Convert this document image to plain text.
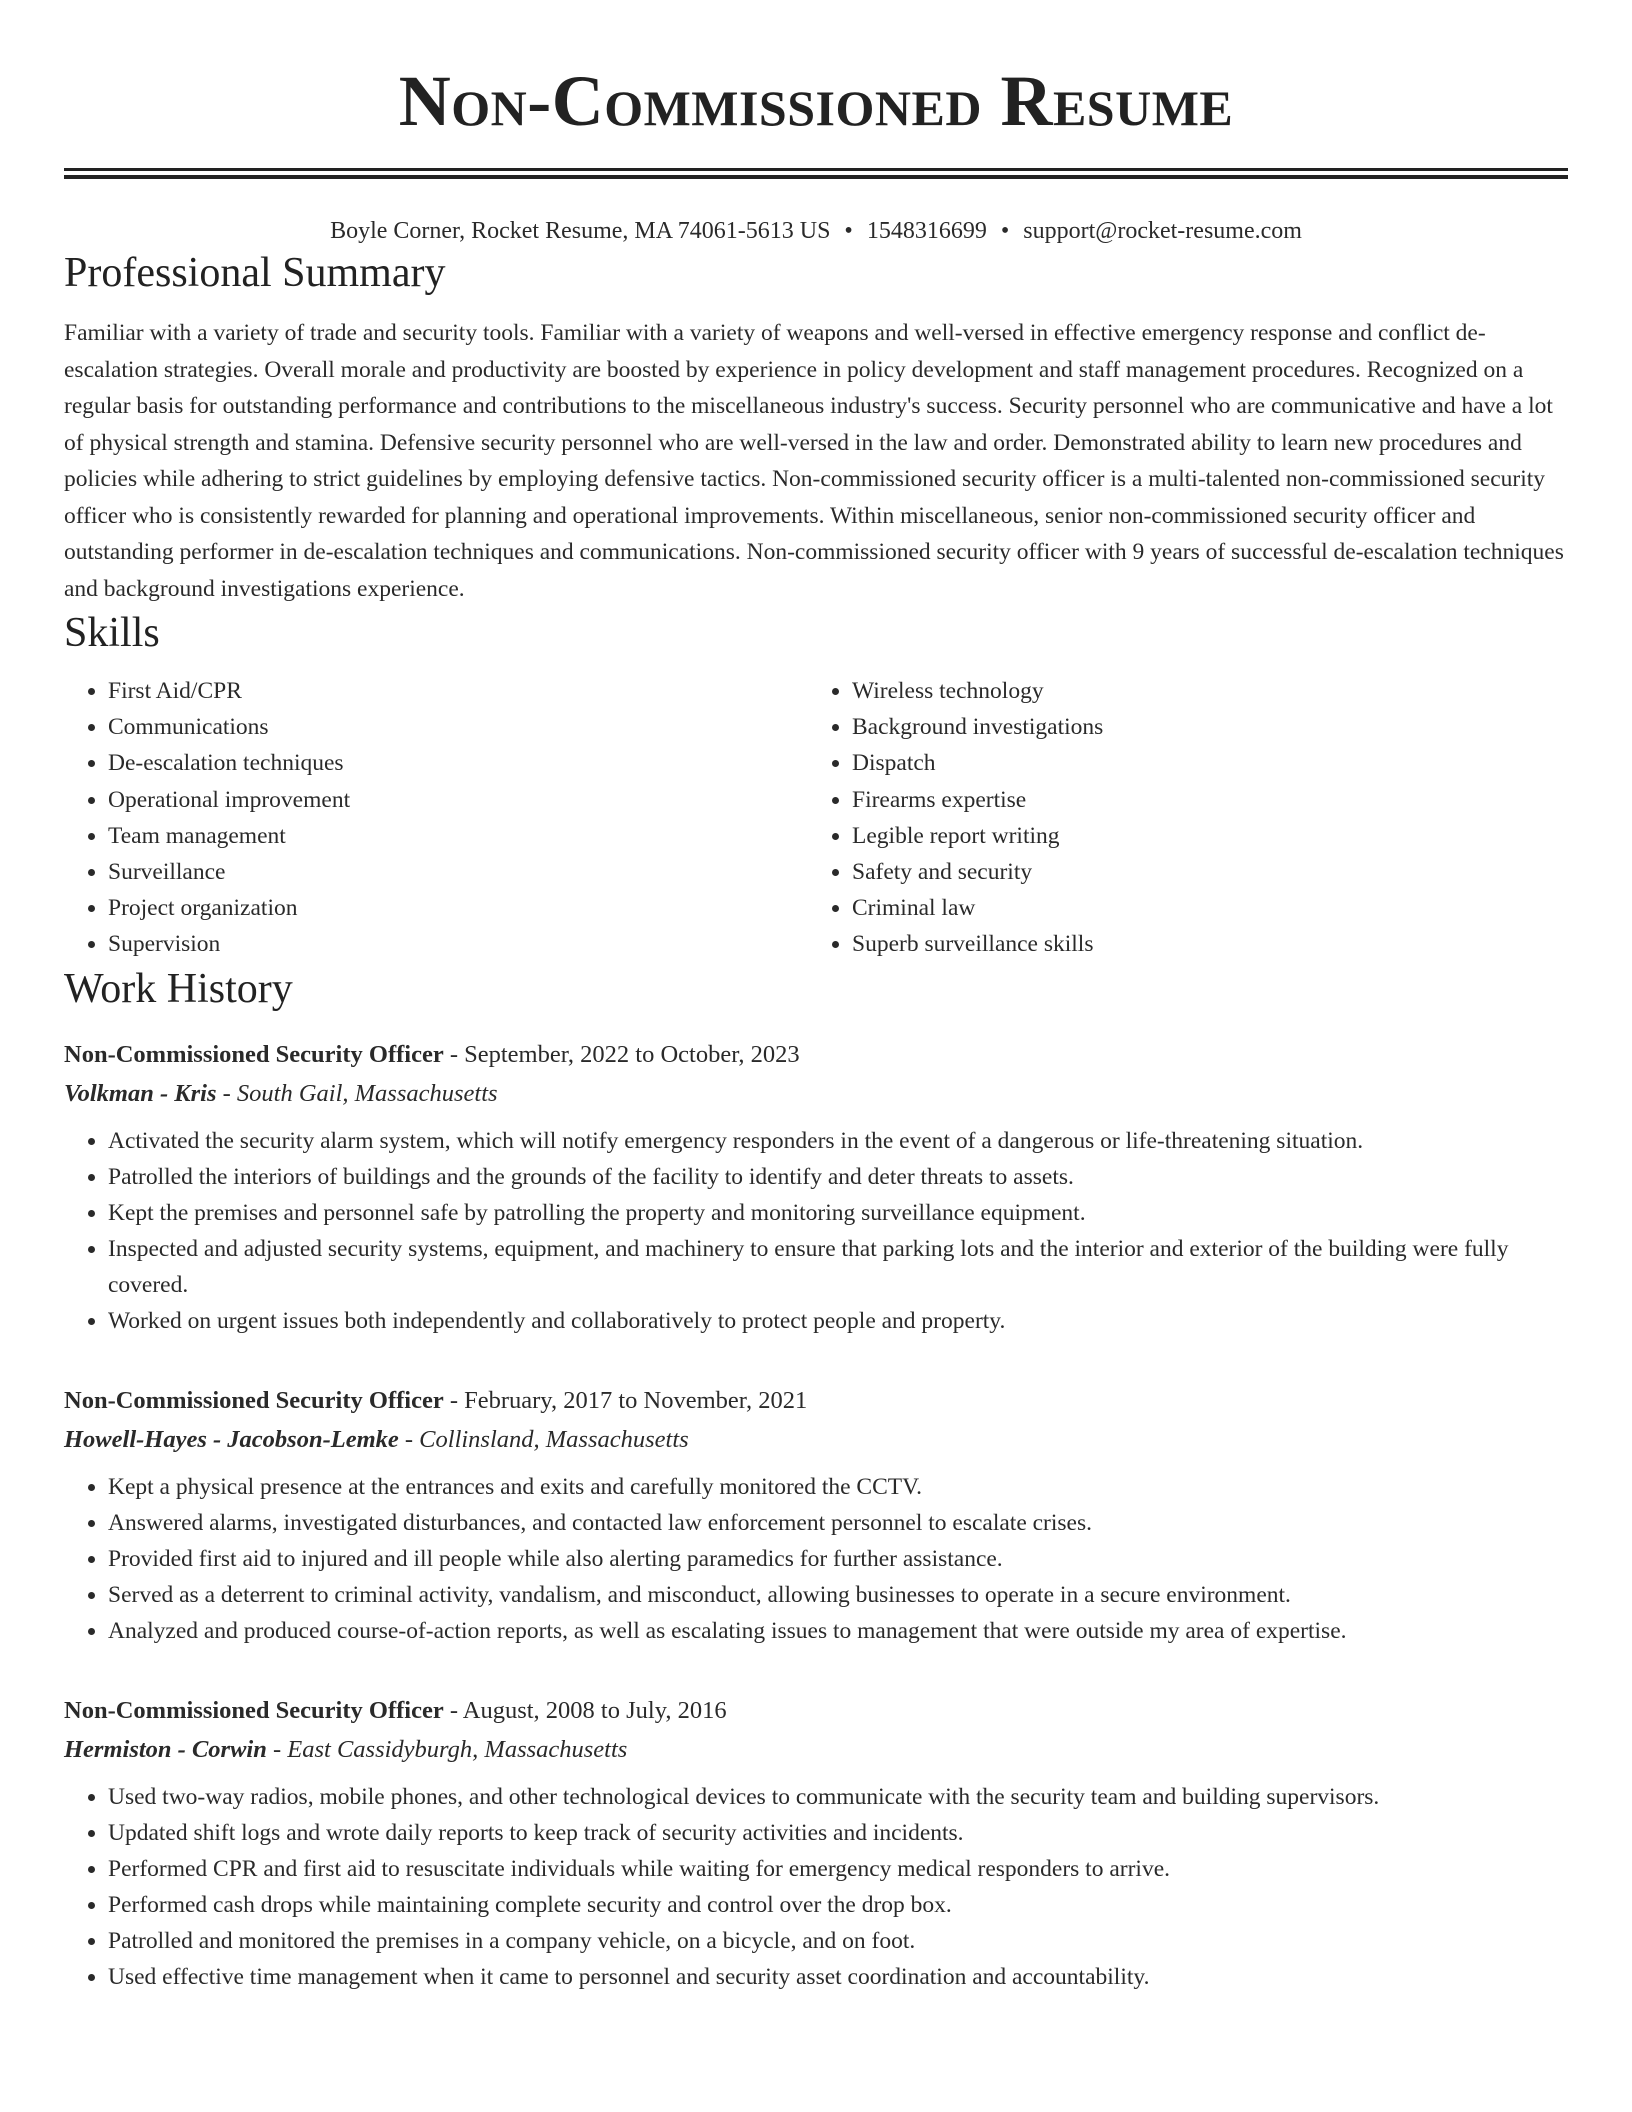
Non-Commissioned Resume
Boyle Corner, Rocket Resume, MA 74061-5613 US • 1548316699 • support@rocket-resume.com
Professional Summary

Familiar with a variety of trade and security tools. Familiar with a variety of weapons and well-versed in effective emergency response and conflict de-escalation strategies. Overall morale and productivity are boosted by experience in policy development and staff management procedures. Recognized on a regular basis for outstanding performance and contributions to the miscellaneous industry's success. Security personnel who are communicative and have a lot of physical strength and stamina. Defensive security personnel who are well-versed in the law and order. Demonstrated ability to learn new procedures and policies while adhering to strict guidelines by employing defensive tactics. Non-commissioned security officer is a multi-talented non-commissioned security officer who is consistently rewarded for planning and operational improvements. Within miscellaneous, senior non-commissioned security officer and outstanding performer in de-escalation techniques and communications. Non-commissioned security officer with 9 years of successful de-escalation techniques and background investigations experience.

Skills
• First Aid/CPR
• Communications
• De-escalation techniques
• Operational improvement
• Team management
• Surveillance
• Project organization
• Supervision
• Wireless technology
• Background investigations
• Dispatch
• Firearms expertise
• Legible report writing
• Safety and security
• Criminal law
• Superb surveillance skills
Work History
Non-Commissioned Security Officer - September, 2022 to October, 2023
Volkman - Kris - South Gail, Massachusetts
• Activated the security alarm system, which will notify emergency responders in the event of a dangerous or life-threatening situation.
• Patrolled the interiors of buildings and the grounds of the facility to identify and deter threats to assets.
• Kept the premises and personnel safe by patrolling the property and monitoring surveillance equipment.
• Inspected and adjusted security systems, equipment, and machinery to ensure that parking lots and the interior and exterior of the building were fully covered.
• Worked on urgent issues both independently and collaboratively to protect people and property.
Non-Commissioned Security Officer - February, 2017 to November, 2021
Howell-Hayes - Jacobson-Lemke - Collinsland, Massachusetts
• Kept a physical presence at the entrances and exits and carefully monitored the CCTV.
• Answered alarms, investigated disturbances, and contacted law enforcement personnel to escalate crises.
• Provided first aid to injured and ill people while also alerting paramedics for further assistance.
• Served as a deterrent to criminal activity, vandalism, and misconduct, allowing businesses to operate in a secure environment.
• Analyzed and produced course-of-action reports, as well as escalating issues to management that were outside my area of expertise.
Non-Commissioned Security Officer - August, 2008 to July, 2016
Hermiston - Corwin - East Cassidyburgh, Massachusetts
• Used two-way radios, mobile phones, and other technological devices to communicate with the security team and building supervisors.
• Updated shift logs and wrote daily reports to keep track of security activities and incidents.
• Performed CPR and first aid to resuscitate individuals while waiting for emergency medical responders to arrive.
• Performed cash drops while maintaining complete security and control over the drop box.
• Patrolled and monitored the premises in a company vehicle, on a bicycle, and on foot.
• Used effective time management when it came to personnel and security asset coordination and accountability.
